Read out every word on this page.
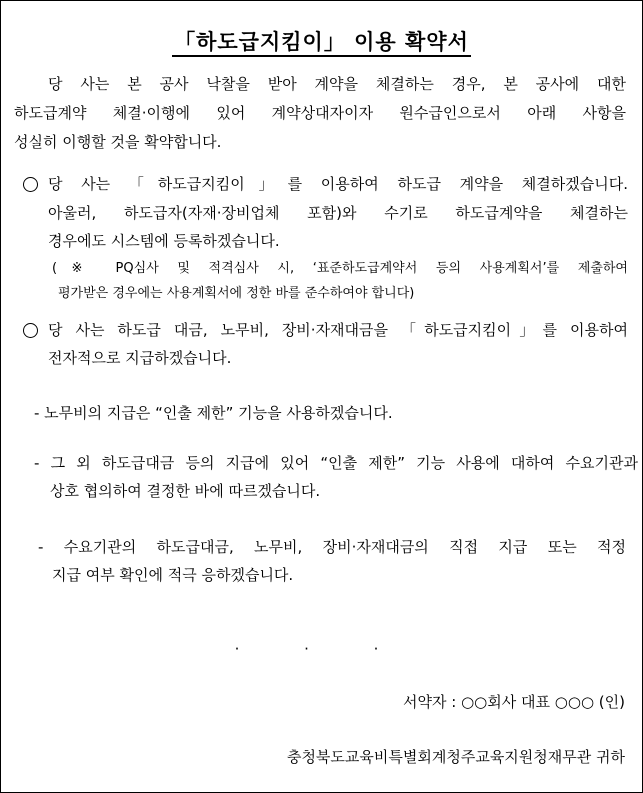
「하도급지킴이」 이용 확약서
당 사는 본 공사 낙찰을 받아 계약을 체결하는 경우, 본 공사에 대한
하도급계약 체결·이행에 있어 계약상대자이자 원수급인으로서 아래 사항을
성실히 이행할 것을 확약합니다.
당 사는 「하도급지킴이」를 이용하여 하도급 계약을 체결하겠습니다.
아울러, 하도급자(자재·장비업체 포함)와 수기로 하도급계약을 체결하는
경우에도 시스템에 등록하겠습니다.
(※ PQ심사 및 적격심사 시, ‘표준하도급계약서 등의 사용계획서’를 제출하여
평가받은 경우에는 사용계획서에 정한 바를 준수하여야 합니다)
당 사는 하도급 대금, 노무비, 장비·자재대금을 「하도급지킴이」를 이용하여
전자적으로 지급하겠습니다.
- 노무비의 지급은 “인출 제한” 기능을 사용하겠습니다.
- 그 외 하도급대금 등의 지급에 있어 “인출 제한” 기능 사용에 대하여 수요기관과
상호 협의하여 결정한 바에 따르겠습니다.
- 수요기관의 하도급대금, 노무비, 장비·자재대금의 직접 지급 또는 적정
지급 여부 확인에 적극 응하겠습니다.
· · ·
서약자 : ○○회사 대표 ○○○ (인)
충청북도교육비특별회계청주교육지원청재무관 귀하
